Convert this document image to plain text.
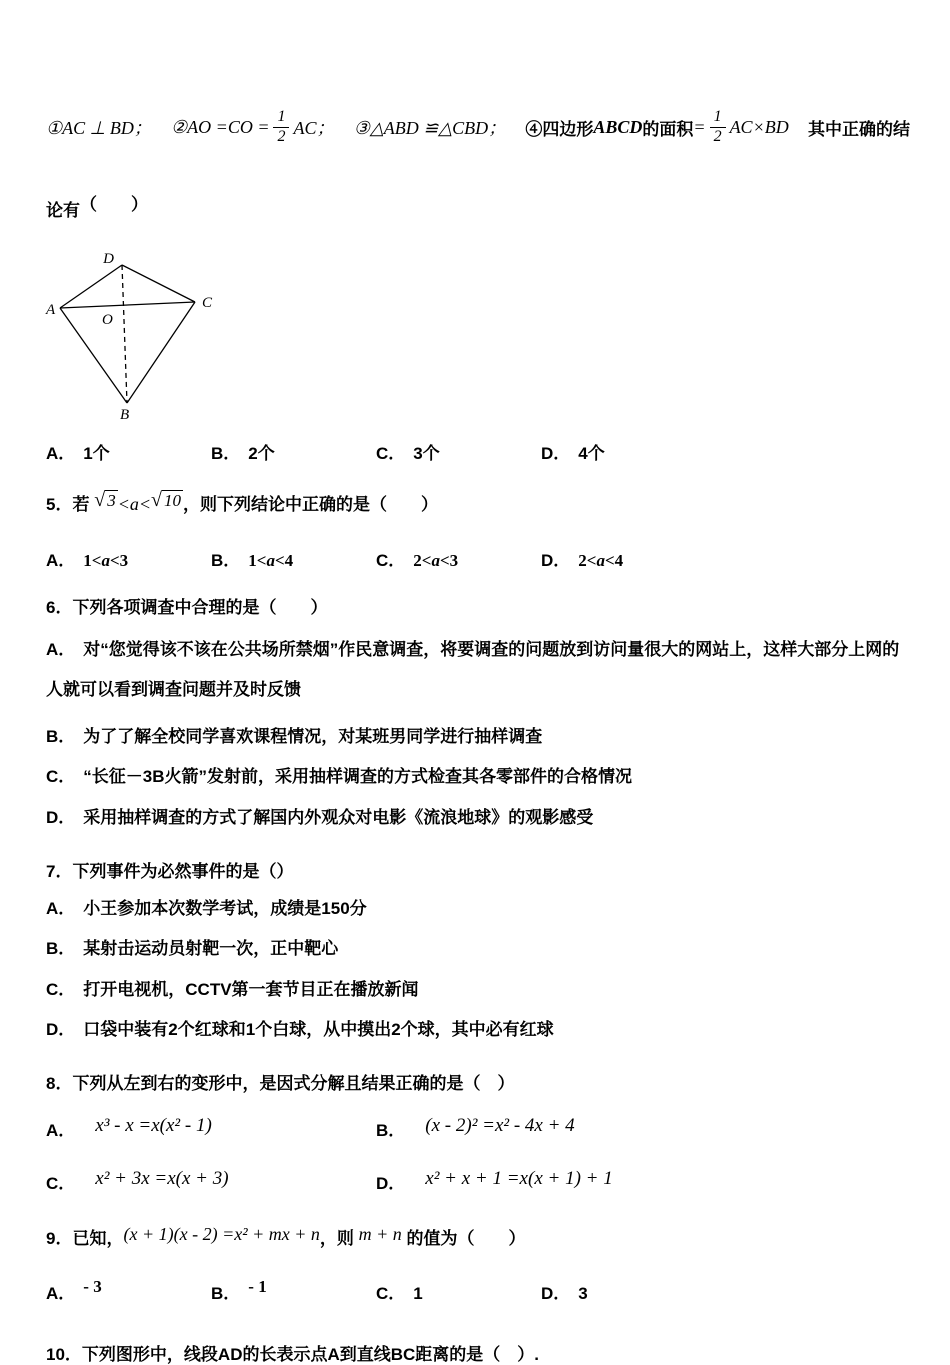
①AC ⊥ BD； ②AO $=CO = \frac{1}{2}$ AC； ③△ABD ≌△CBD； ④四边形 ABCD 的面积 = $\frac{1}{2} AC\times BD$ 其中正确的结
论有（　　）
D
A	C
O
B
A． 1个	B． 2个	C． 3个	D． 4个
5．若 √ 3 <a<√ 10 ，则下列结论中正确的是（　　）
A． 1<a<3	B． 1<a<4	C． 2<a<3	D． 2<a<4
6．下列各项调查中合理的是（　　）
A． 对“您觉得该不该在公共场所禁烟”作民意调查，将要调查的问题放到访问量很大的网站上，这样大部分上网的人就可以看到调查问题并及时反馈
B． 为了了解全校同学喜欢课程情况，对某班男同学进行抽样调查
C． “长征－3B火箭”发射前，采用抽样调查的方式检查其各零部件的合格情况
D． 采用抽样调查的方式了解国内外观众对电影《流浪地球》的观影感受
7．下列事件为必然事件的是（）
A． 小王参加本次数学考试，成绩是150分
B． 某射击运动员射靶一次，正中靶心
C． 打开电视机，CCTV第一套节目正在播放新闻
D． 口袋中装有2个红球和1个白球，从中摸出2个球，其中必有红球
8．下列从左到右的变形中，是因式分解且结果正确的是（　）
A． x³ - x =x(x² - 1)	B． (x - 2)² =x² - 4x + 4
C． x² + 3x =x(x + 3)	D． x² + x + 1 =x(x + 1) + 1
9．已知，(x + 1)(x - 2) =x² + mx + n，则 m + n 的值为（　　）
A． - 3	B． - 1	C． 1	D． 3
10．下列图形中，线段AD的长表示点A到直线BC距离的是（　）.
